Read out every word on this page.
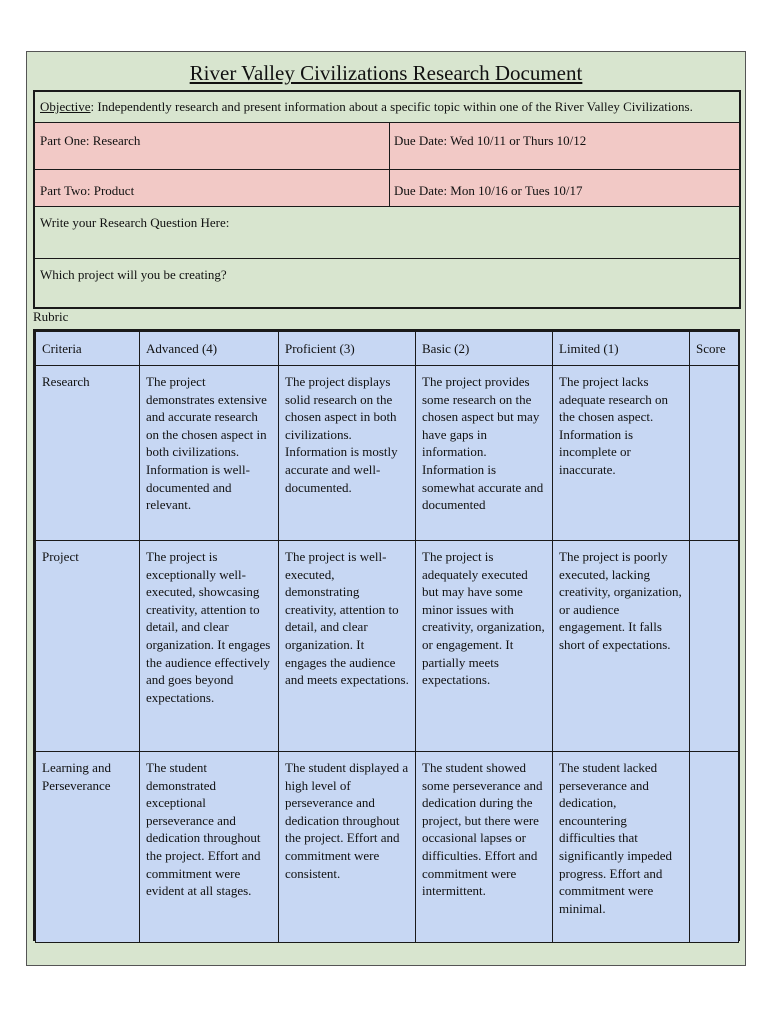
River Valley Civilizations Research Document
Objective: Independently research and present information about a specific topic within one of the River Valley Civilizations.
Part One: Research	Due Date: Wed 10/11 or Thurs 10/12
Part Two: Product	Due Date: Mon 10/16 or Tues 10/17
Write your Research Question Here:
Which project will you be creating?
Rubric
Criteria	Advanced (4)	Proficient (3)	Basic (2)	Limited (1)	Score
Research	The project demonstrates extensive and accurate research on the chosen aspect in both civilizations. Information is well-documented and relevant.	The project displays solid research on the chosen aspect in both civilizations. Information is mostly accurate and well-documented.	The project provides some research on the chosen aspect but may have gaps in information. Information is somewhat accurate and documented	The project lacks adequate research on the chosen aspect. Information is incomplete or inaccurate.	
Project	The project is exceptionally well-executed, showcasing creativity, attention to detail, and clear organization. It engages the audience effectively and goes beyond expectations.	The project is well-executed, demonstrating creativity, attention to detail, and clear organization. It engages the audience and meets expectations.	The project is adequately executed but may have some minor issues with creativity, organization, or engagement. It partially meets expectations.	The project is poorly executed, lacking creativity, organization, or audience engagement. It falls short of expectations.	
Learning and Perseverance	The student demonstrated exceptional perseverance and dedication throughout the project. Effort and commitment were evident at all stages.	The student displayed a high level of perseverance and dedication throughout the project. Effort and commitment were consistent.	The student showed some perseverance and dedication during the project, but there were occasional lapses or difficulties. Effort and commitment were intermittent.	The student lacked perseverance and dedication, encountering difficulties that significantly impeded progress. Effort and commitment were minimal.	
